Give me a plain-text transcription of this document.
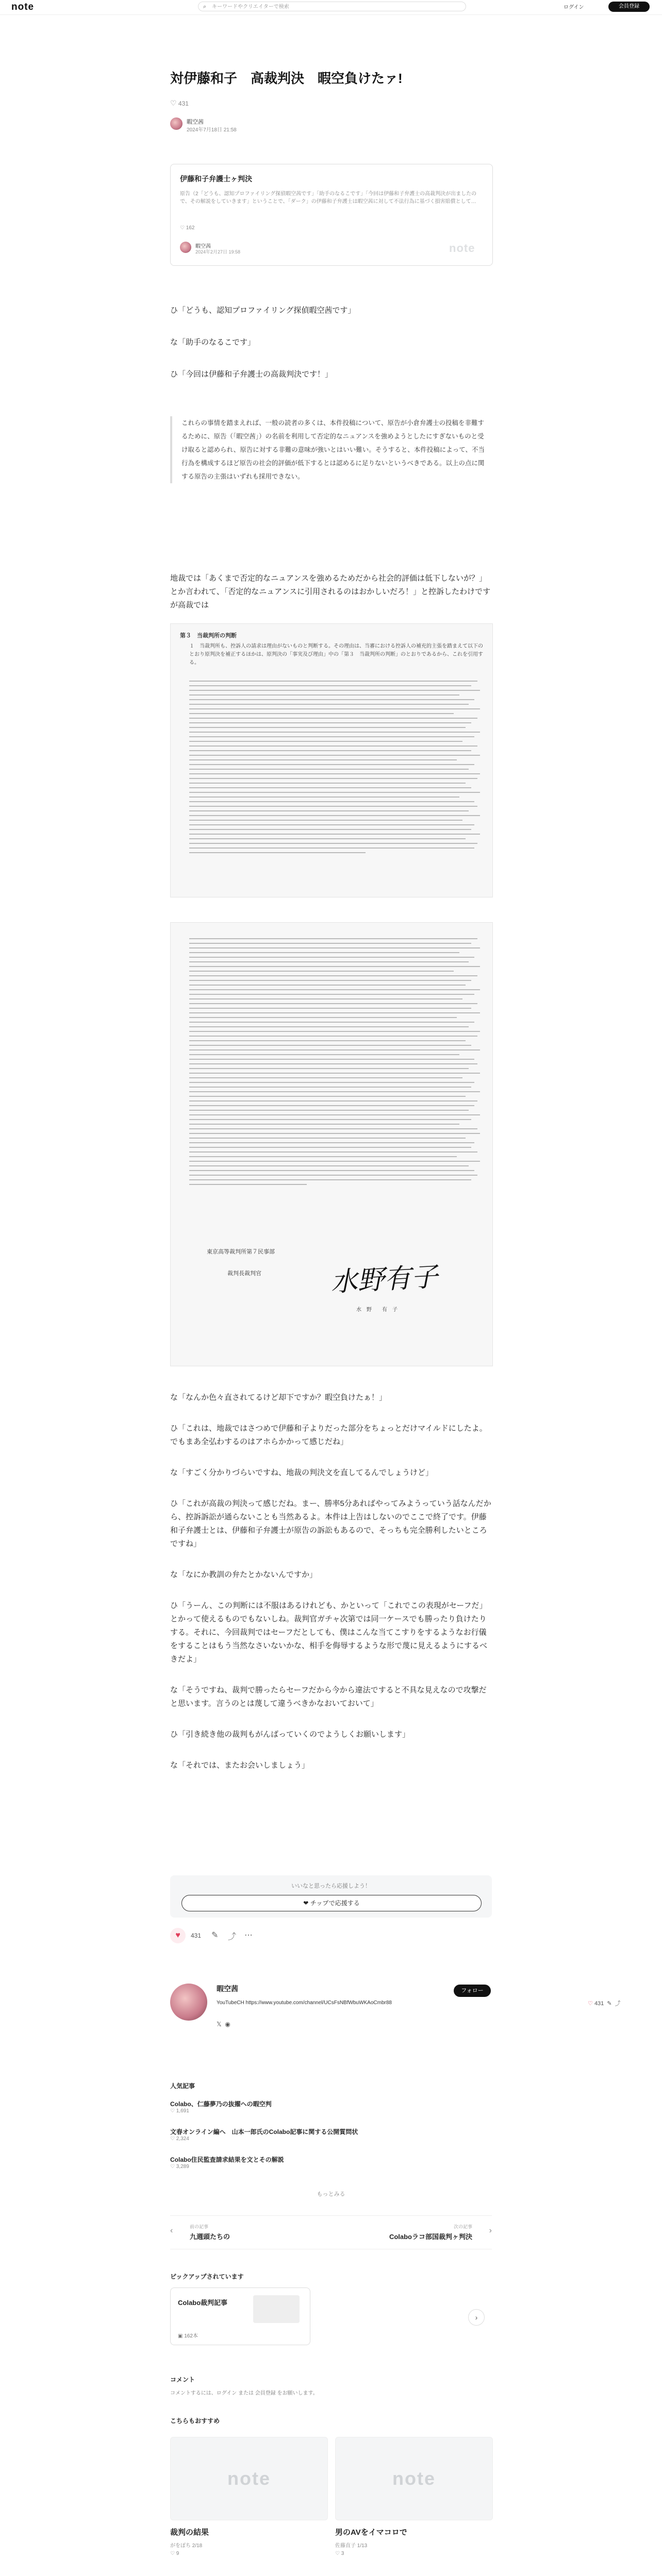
note	⌕ キーワードやクリエイターで検索	ログイン	会員登録
対伊藤和子　高裁判決　暇空負けたァ!
♡ 431
暇空茜
2024年7月18日 21:58
伊藤和子弁護士ヶ判決
原告（2「どうも、認知プロファイリング探偵暇空茜です」「助手のなるこです」「今回は伊藤和子弁護士の高裁判決が出ましたので、その解説をしていきます」ということで、「ダーク」の伊藤和子弁護士は暇空茜に対して不法行為に基づく損害賠償として…
♡ 162
暇空茜
2024年2月27日 19:58	note

ひ「どうも、認知プロファイリング探偵暇空茜です」

な「助手のなるこです」

ひ「今回は伊藤和子弁護士の高裁判決です！」

これらの事情を踏まえれば、一般の読者の多くは、本件投稿について、原告が小倉弁護士の投稿を非難するために、原告（「暇空茜」）の名前を利用して否定的なニュアンスを強めようとしたにすぎないものと受け取ると認められ、原告に対する非難の意味が強いとはいい難い。そうすると、本件投稿によって、不当行為を構成するほど原告の社会的評価が低下するとは認めるに足りないというべきである。以上の点に関する原告の主張はいずれも採用できない。

地裁では「あくまで否定的なニュアンスを強めるためだから社会的評価は低下しないが？」とか言われて、「否定的なニュアンスに引用されるのはおかしいだろ！」と控訴したわけですが高裁では

第３　当裁判所の判断
１　当裁判所も、控訴人の請求は理由がないものと判断する。その理由は、当審における控訴人の補充的主張を踏まえて以下のとおり原判決を補正するほかは、原判決の「事実及び理由」中の「第３　当裁判所の判断」のとおりであるから、これを引用する。
東京高等裁判所第７民事部
裁判長裁判官	水野有子
水　野　　有　子

な「なんか色々直されてるけど却下ですか？暇空負けたぁ！」

ひ「これは、地裁ではさつめで伊藤和子よりだった部分をちょっとだけマイルドにしたよ。でもまあ全弘わするのはアホらかかって感じだね」

な「すごく分かりづらいですね、地裁の判決文を直してるんでしょうけど」

ひ「これが高裁の判決って感じだね。まー、勝率5分あればやってみようっていう話なんだから、控訴訴訟が通らないことも当然あるよ。本件は上告はしないのでここで終了です。伊藤和子弁護士とは、伊藤和子弁護士が原告の訴訟もあるので、そっちも完全勝利したいところですね」

な「なにか教訓の弁たとかないんですか」

ひ「うーん、この判断には不服はあるけれども、かといって「これでこの表現がセーフだ」とかって使えるものでもないしね。裁判官ガチャ次第では同一ケースでも勝ったり負けたりする。それに、今回裁判ではセーフだとしても、僕はこんな当てこすりをするようなお行儀をすることはもう当然なさいないかな、相手を侮辱するような形で蔑に見えるようにするべきだよ」

な「そうですね、裁判で勝ったらセーフだから今から違法ですると不具な見えなので攻撃だと思います。言うのとは蔑して違うべきかなおいておいて」

ひ「引き続き他の裁判もがんばっていくのでようしくお願いします」

な「それでは、またお会いしましょう」

いいなと思ったら応援しよう！
❤︎ チップで応援する
♥	431 ✎ ⤴ ⋯
暇空茜
YouTubeCH https://www.youtube.com/channel/UCsFsNBfWbuWKAoCmbr88
𝕏 ◉
フォロー
♡ 431 ✎ ⤴
人気記事
Colabo、仁藤夢乃の抜擢への暇空判
♡ 1,691
文春オンライン編へ　山本一郎氏のColabo記事に関する公開質問状
♡ 2,324
Colabo住民監査請求結果を文とその解説
♡ 3,289
もっとみる
‹	前の記事
九週頭たちの
次の記事
Colaboラコ部国裁判ヶ判決
›
ピックアップされています
Colabo裁判記事
▣ 162本
›
コメント
コメントするには、ログイン または 会員登録 をお願いします。
こちらもおすすめ
note
裁判の結果
がをぽち 2/18
♡ 9
note
男のAVをイマコロで
佐藤直子 1/13
♡ 3
